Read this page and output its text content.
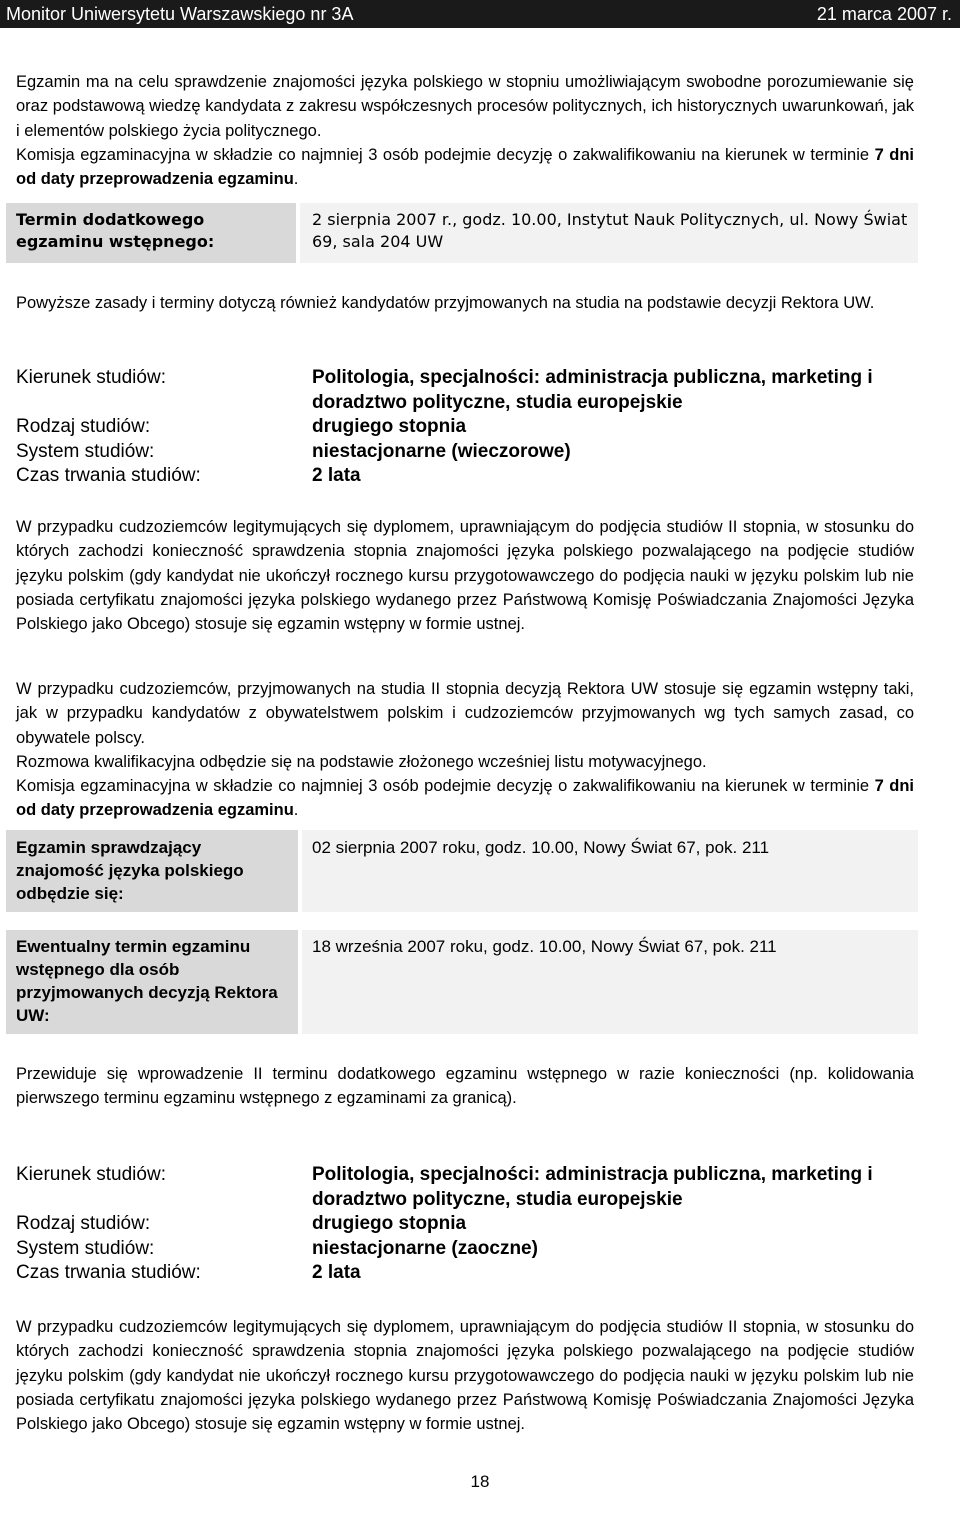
Monitor Uniwersytetu Warszawskiego nr 3A	21 marca 2007 r.

Egzamin ma na celu sprawdzenie znajomości języka polskiego w stopniu umożliwiającym swobodne porozumiewanie się oraz podstawową wiedzę kandydata z zakresu współczesnych procesów politycznych, ich historycznych uwarunkowań, jak i elementów polskiego życia politycznego.

Komisja egzaminacyjna w składzie co najmniej 3 osób podejmie decyzję o zakwalifikowaniu na kierunek w terminie 7 dni od daty przeprowadzenia egzaminu.

Termin dodatkowego egzaminu wstępnego:
2 sierpnia 2007 r., godz. 10.00, Instytut Nauk Politycznych, ul. Nowy Świat 69, sala 204 UW

Powyższe zasady i terminy dotyczą również kandydatów przyjmowanych na studia na podstawie decyzji Rektora UW.

Kierunek studiów:	Politologia, specjalności: administracja publiczna, marketing i doradztwo polityczne, studia europejskie
Rodzaj studiów:	drugiego stopnia
System studiów:	niestacjonarne (wieczorowe)
Czas trwania studiów:	2 lata

W przypadku cudzoziemców legitymujących się dyplomem, uprawniającym do podjęcia studiów II stopnia, w stosunku do których zachodzi konieczność sprawdzenia stopnia znajomości języka polskiego pozwalającego na podjęcie studiów języku polskim (gdy kandydat nie ukończył rocznego kursu przygotowawczego do podjęcia nauki w języku polskim lub nie posiada certyfikatu znajomości języka polskiego wydanego przez Państwową Komisję Poświadczania Znajomości Języka Polskiego jako Obcego) stosuje się egzamin wstępny w formie ustnej.

W przypadku cudzoziemców, przyjmowanych na studia II stopnia decyzją Rektora UW stosuje się egzamin wstępny taki, jak w przypadku kandydatów z obywatelstwem polskim i cudzoziemców przyjmowanych wg tych samych zasad, co obywatele polscy.

Rozmowa kwalifikacyjna odbędzie się na podstawie złożonego wcześniej listu motywacyjnego.

Komisja egzaminacyjna w składzie co najmniej 3 osób podejmie decyzję o zakwalifikowaniu na kierunek w terminie 7 dni od daty przeprowadzenia egzaminu.

Egzamin sprawdzający znajomość języka polskiego odbędzie się:
02 sierpnia 2007 roku, godz. 10.00, Nowy Świat 67, pok. 211
Ewentualny termin egzaminu wstępnego dla osób przyjmowanych decyzją Rektora UW:
18 września 2007 roku, godz. 10.00, Nowy Świat 67, pok. 211

Przewiduje się wprowadzenie II terminu dodatkowego egzaminu wstępnego w razie konieczności (np. kolidowania pierwszego terminu egzaminu wstępnego z egzaminami za granicą).

Kierunek studiów:	Politologia, specjalności: administracja publiczna, marketing i doradztwo polityczne, studia europejskie
Rodzaj studiów:	drugiego stopnia
System studiów:	niestacjonarne (zaoczne)
Czas trwania studiów:	2 lata

W przypadku cudzoziemców legitymujących się dyplomem, uprawniającym do podjęcia studiów II stopnia, w stosunku do których zachodzi konieczność sprawdzenia stopnia znajomości języka polskiego pozwalającego na podjęcie studiów języku polskim (gdy kandydat nie ukończył rocznego kursu przygotowawczego do podjęcia nauki w języku polskim lub nie posiada certyfikatu znajomości języka polskiego wydanego przez Państwową Komisję Poświadczania Znajomości Języka Polskiego jako Obcego) stosuje się egzamin wstępny w formie ustnej.

18
